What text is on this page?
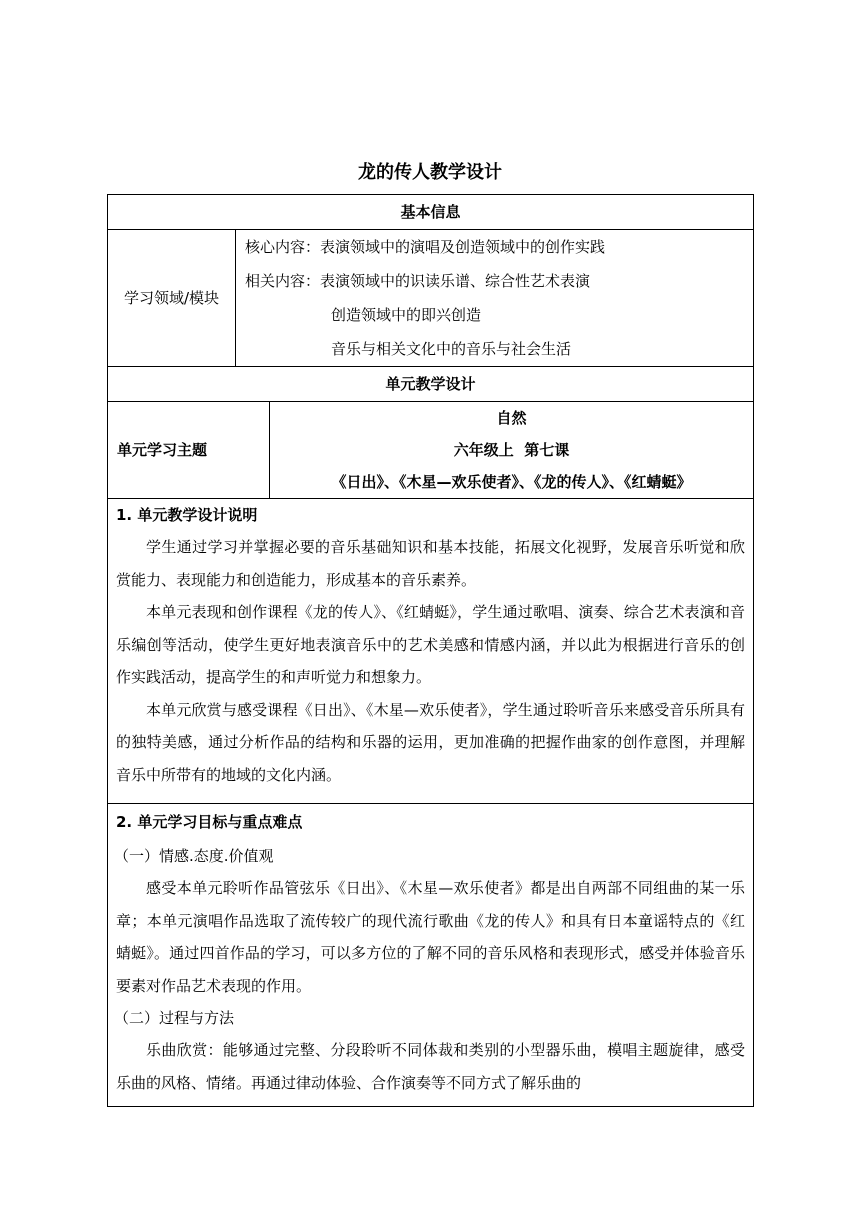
龙的传人教学设计
基本信息		
学习领域/模块	核心内容：表演领域中的演唱及创造领域中的创作实践
相关内容：表演领域中的识读乐谱、综合性艺术表演
创造领域中的即兴创造
音乐与相关文化中的音乐与社会生活	

单元教学设计		
单元学习主题		自然
六年级上  第七课
《日出》、《木星—欢乐使者》、《龙的传人》、《红蜻蜓》

1. 单元教学设计说明

学生通过学习并掌握必要的音乐基础知识和基本技能，拓展文化视野，发展音乐听觉和欣赏能力、表现能力和创造能力，形成基本的音乐素养。

本单元表现和创作课程《龙的传人》、《红蜻蜓》，学生通过歌唱、演奏、综合艺术表演和音乐编创等活动，使学生更好地表演音乐中的艺术美感和情感内涵，并以此为根据进行音乐的创作实践活动，提高学生的和声听觉力和想象力。

本单元欣赏与感受课程《日出》、《木星—欢乐使者》，学生通过聆听音乐来感受音乐所具有的独特美感，通过分析作品的结构和乐器的运用，更加准确的把握作曲家的创作意图，并理解音乐中所带有的地域的文化内涵。		

2. 单元学习目标与重点难点
（一）情感.态度.价值观

感受本单元聆听作品管弦乐《日出》、《木星—欢乐使者》都是出自两部不同组曲的某一乐章；本单元演唱作品选取了流传较广的现代流行歌曲《龙的传人》和具有日本童谣特点的《红蜻蜓》。通过四首作品的学习，可以多方位的了解不同的音乐风格和表现形式，感受并体验音乐要素对作品艺术表现的作用。

（二）过程与方法

乐曲欣赏：能够通过完整、分段聆听不同体裁和类别的小型器乐曲，模唱主题旋律，感受乐曲的风格、情绪。再通过律动体验、合作演奏等不同方式了解乐曲的		
